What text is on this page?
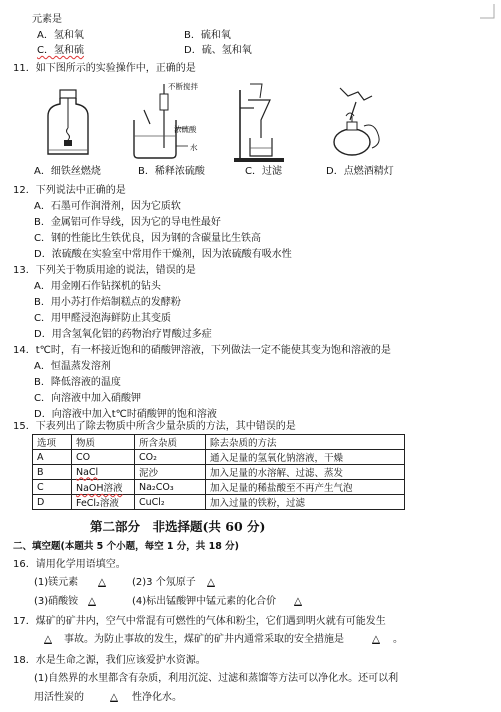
元素是
A．氢和氧	B．硫和氧
C．氢和硫	D．硫、氢和氧
11．如下图所示的实验操作中，正确的是
A．细铁丝燃烧
不断搅拌
浓硫酸
水
B．稀释浓硫酸	C．过滤	D．点燃酒精灯
12．下列说法中正确的是
A．石墨可作润滑剂，因为它质软
B．金属铝可作导线，因为它的导电性最好
C．钢的性能比生铁优良，因为钢的含碳量比生铁高
D．浓硫酸在实验室中常用作干燥剂，因为浓硫酸有吸水性
13．下列关于物质用途的说法，错误的是
A．用金刚石作钻探机的钻头
B．用小苏打作焙制糕点的发酵粉
C．用甲醛浸泡海鲜防止其变质
D．用含氢氧化铝的药物治疗胃酸过多症
14．t℃时，有一杯接近饱和的硝酸钾溶液，下列做法一定不能使其变为饱和溶液的是
A．恒温蒸发溶剂
B．降低溶液的温度
C．向溶液中加入硝酸钾
D．向溶液中加入t℃时硝酸钾的饱和溶液
15．下表列出了除去物质中所含少量杂质的方法，其中错误的是
选项	物质	所含杂质	除去杂质的方法
A	CO	CO₂	通入足量的氢氧化钠溶液，干燥
B	NaCl	泥沙	加入足量的水溶解、过滤、蒸发
C	NaOH溶液	Na₂CO₃	加入足量的稀盐酸至不再产生气泡
D	FeCl₂溶液	CuCl₂	加入过量的铁粉，过滤
第二部分　非选择题(共 60 分)
二、填空题(本题共 5 个小题，每空 1 分，共 18 分)
16．请用化学用语填空。
(1)镁元素	△	(2)3 个氖原子	△
(3)硝酸铵 △	(4)标出锰酸钾中锰元素的化合价	△
17．煤矿的矿井内，空气中常混有可燃性的气体和粉尘，它们遇到明火就有可能发生
△	事故。为防止事故的发生，煤矿的矿井内通常采取的安全措施是	△	。
18．水是生命之源，我们应该爱护水资源。
(1)自然界的水里都含有杂质，利用沉淀、过滤和蒸馏等方法可以净化水。还可以利
用活性炭的	△	性净化水。
